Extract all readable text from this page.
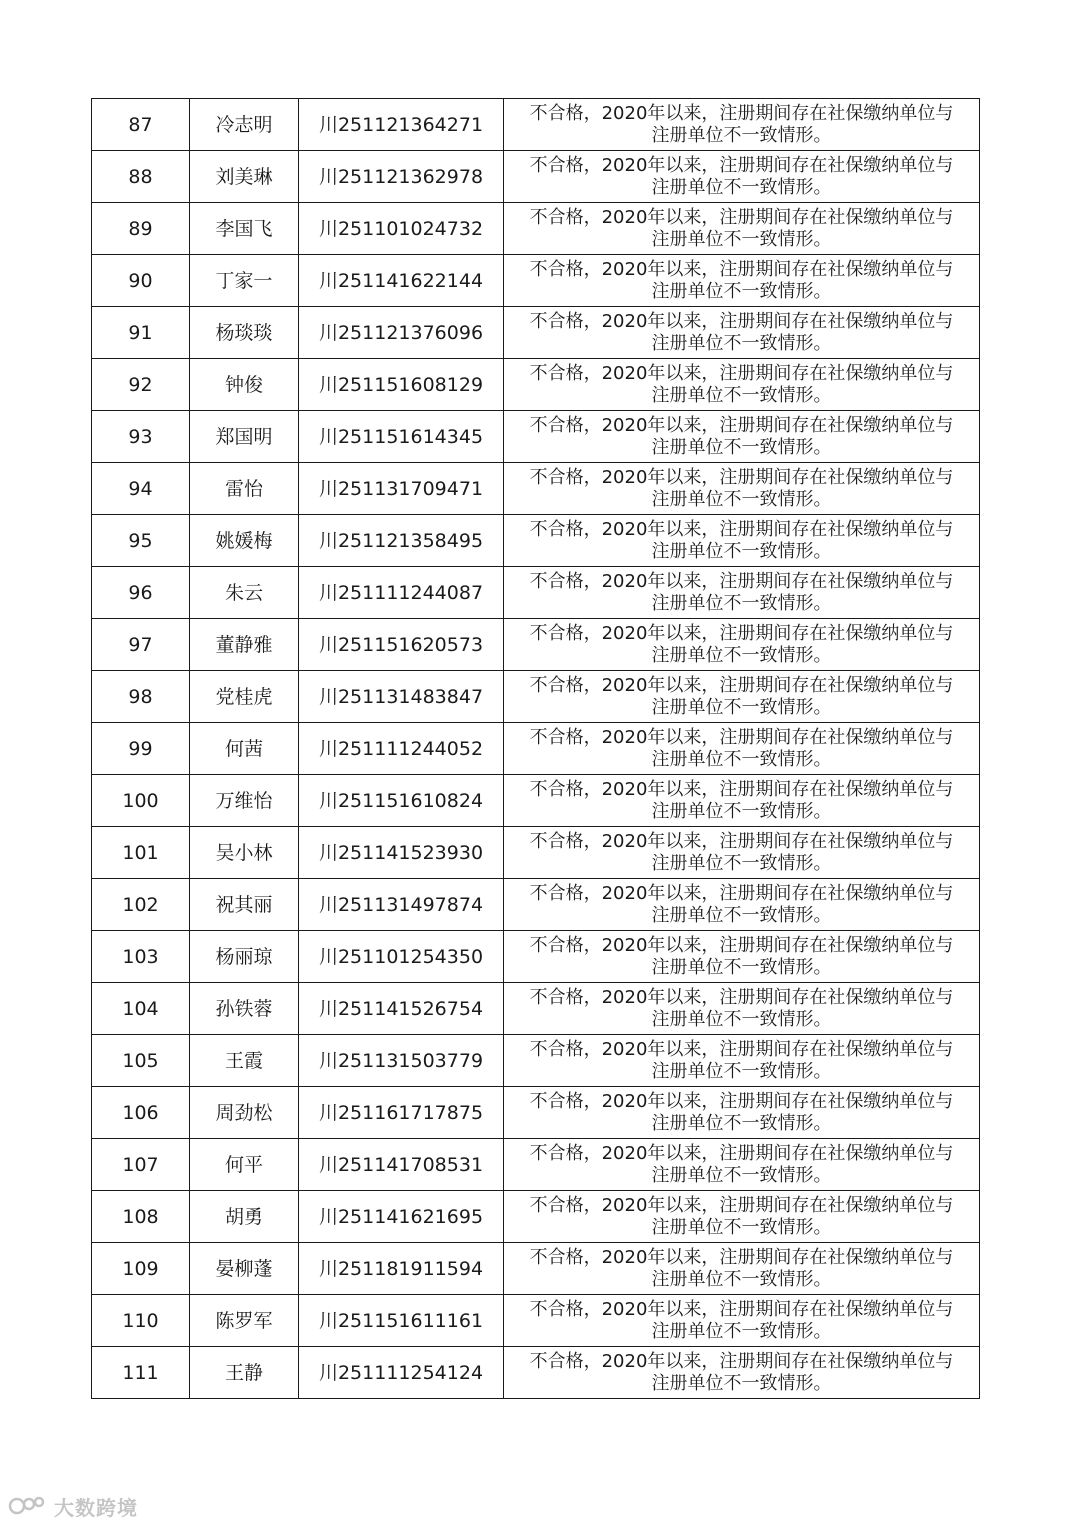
87	冷志明	川251121364271	不合格，2020年以来，注册期间存在社保缴纳单位与
注册单位不一致情形。

88	刘美琳	川251121362978	不合格，2020年以来，注册期间存在社保缴纳单位与
注册单位不一致情形。

89	李国飞	川251101024732	不合格，2020年以来，注册期间存在社保缴纳单位与
注册单位不一致情形。

90	丁家一	川251141622144	不合格，2020年以来，注册期间存在社保缴纳单位与
注册单位不一致情形。

91	杨琰琰	川251121376096	不合格，2020年以来，注册期间存在社保缴纳单位与
注册单位不一致情形。

92	钟俊	川251151608129	不合格，2020年以来，注册期间存在社保缴纳单位与
注册单位不一致情形。

93	郑国明	川251151614345	不合格，2020年以来，注册期间存在社保缴纳单位与
注册单位不一致情形。

94	雷怡	川251131709471	不合格，2020年以来，注册期间存在社保缴纳单位与
注册单位不一致情形。

95	姚媛梅	川251121358495	不合格，2020年以来，注册期间存在社保缴纳单位与
注册单位不一致情形。

96	朱云	川251111244087	不合格，2020年以来，注册期间存在社保缴纳单位与
注册单位不一致情形。

97	董静雅	川251151620573	不合格，2020年以来，注册期间存在社保缴纳单位与
注册单位不一致情形。

98	党桂虎	川251131483847	不合格，2020年以来，注册期间存在社保缴纳单位与
注册单位不一致情形。

99	何茜	川251111244052	不合格，2020年以来，注册期间存在社保缴纳单位与
注册单位不一致情形。

100	万维怡	川251151610824	不合格，2020年以来，注册期间存在社保缴纳单位与
注册单位不一致情形。

101	吴小林	川251141523930	不合格，2020年以来，注册期间存在社保缴纳单位与
注册单位不一致情形。

102	祝其丽	川251131497874	不合格，2020年以来，注册期间存在社保缴纳单位与
注册单位不一致情形。

103	杨丽琼	川251101254350	不合格，2020年以来，注册期间存在社保缴纳单位与
注册单位不一致情形。

104	孙铁蓉	川251141526754	不合格，2020年以来，注册期间存在社保缴纳单位与
注册单位不一致情形。

105	王霞	川251131503779	不合格，2020年以来，注册期间存在社保缴纳单位与
注册单位不一致情形。

106	周劲松	川251161717875	不合格，2020年以来，注册期间存在社保缴纳单位与
注册单位不一致情形。

107	何平	川251141708531	不合格，2020年以来，注册期间存在社保缴纳单位与
注册单位不一致情形。

108	胡勇	川251141621695	不合格，2020年以来，注册期间存在社保缴纳单位与
注册单位不一致情形。

109	晏柳蓬	川251181911594	不合格，2020年以来，注册期间存在社保缴纳单位与
注册单位不一致情形。

110	陈罗军	川251151611161	不合格，2020年以来，注册期间存在社保缴纳单位与
注册单位不一致情形。

111	王静	川251111254124	不合格，2020年以来，注册期间存在社保缴纳单位与
注册单位不一致情形。
大数跨境
